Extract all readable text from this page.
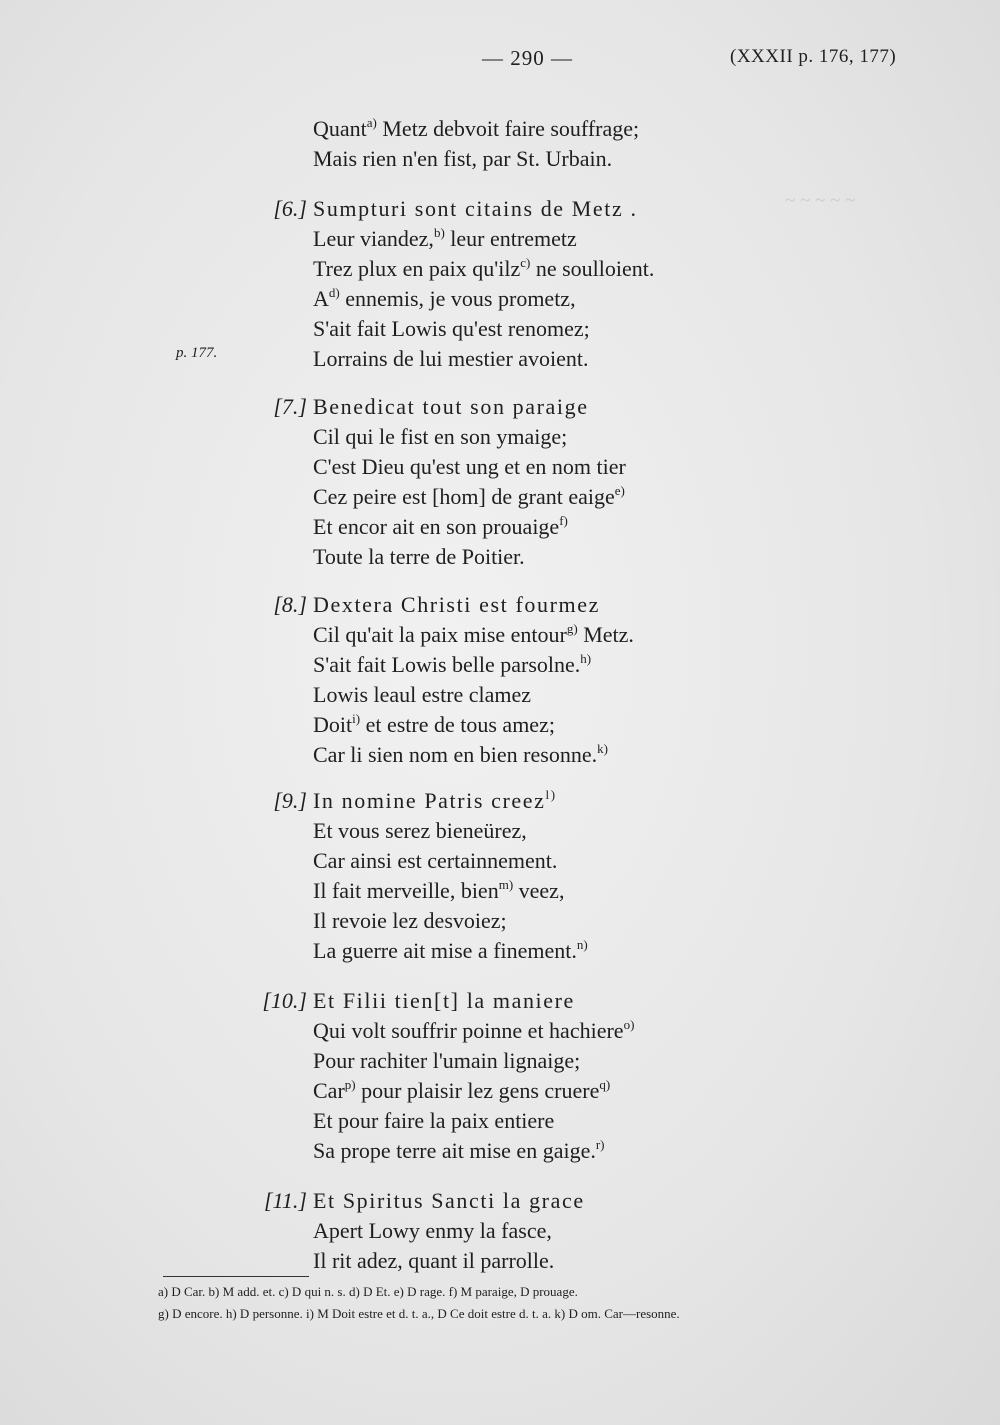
~ ~ ~ ~ ~
— 290 —	(XXXII p. 176, 177)
p. 177.
Quant$^{a)}$ Metz debvoit faire souffrage;
Mais rien n'en fist, par St. Urbain.
[6.] Sumpturi sont citains de Metz .
Leur viandez,$^{b)}$ leur entremetz
Trez plux en paix qu'ilz$^{c)}$ ne soulloient.
A$^{d)}$ ennemis, je vous prometz,
S'ait fait Lowis qu'est renomez;
Lorrains de lui mestier avoient.
[7.] Benedicat tout son paraige
Cil qui le fist en son ymaige;
C'est Dieu qu'est ung et en nom tier
Cez peire est [hom] de grant eaige$^{e)}$
Et encor ait en son prouaige$^{f)}$
Toute la terre de Poitier.
[8.] Dextera Christi est fourmez
Cil qu'ait la paix mise entour$^{g)}$ Metz.
S'ait fait Lowis belle parsolne.$^{h)}$
Lowis leaul estre clamez
Doit$^{i)}$ et estre de tous amez;
Car li sien nom en bien resonne.$^{k)}$
[9.] In nomine Patris creez$^{l)}$
Et vous serez bieneürez,
Car ainsi est certainnement.
Il fait merveille, bien$^{m)}$ veez,
Il revoie lez desvoiez;
La guerre ait mise a finement.$^{n)}$
[10.] Et Filii tien[t] la maniere
Qui volt souffrir poinne et hachiere$^{o)}$
Pour rachiter l'umain lignaige;
Car$^{p)}$ pour plaisir lez gens cruere$^{q)}$
Et pour faire la paix entiere
Sa prope terre ait mise en gaige.$^{r)}$
[11.] Et Spiritus Sancti la grace
Apert Lowy enmy la fasce,
Il rit adez, quant il parrolle.
a) D Car. b) M add. et. c) D qui n. s. d) D Et. e) D rage. f) M paraige, D prouage.
g) D encore. h) D personne. i) M Doit estre et d. t. a., D Ce doit estre d. t. a. k) D om. Car—resonne.
